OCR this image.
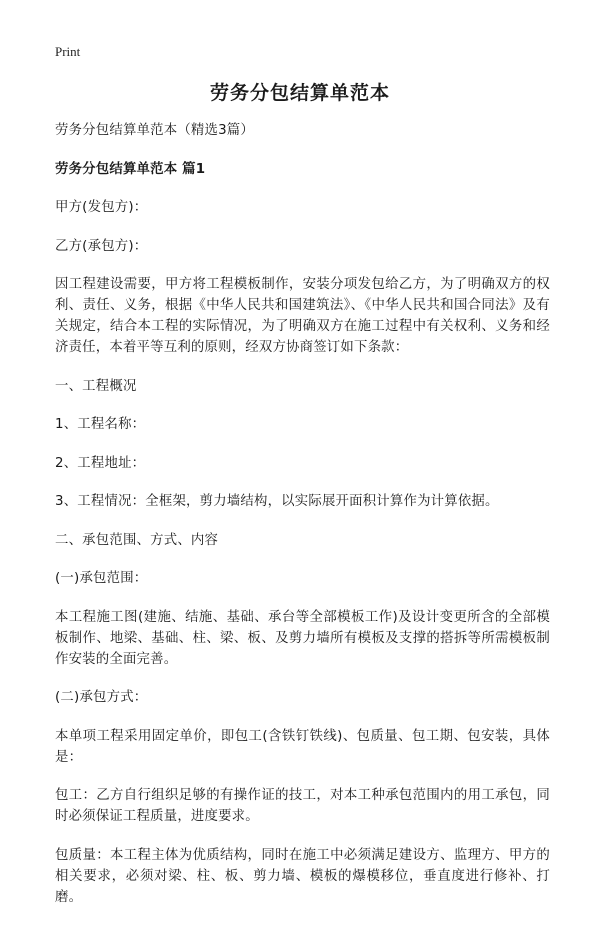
Print
劳务分包结算单范本

劳务分包结算单范本（精选3篇）

劳务分包结算单范本 篇1

甲方(发包方)：

乙方(承包方)：

因工程建设需要，甲方将工程模板制作，安装分项发包给乙方，为了明确双方的权利、责任、义务，根据《中华人民共和国建筑法》、《中华人民共和国合同法》及有关规定，结合本工程的实际情况，为了明确双方在施工过程中有关权利、义务和经济责任，本着平等互利的原则，经双方协商签订如下条款：

一、工程概况

1、工程名称：

2、工程地址：

3、工程情况：全框架，剪力墙结构，以实际展开面积计算作为计算依据。

二、承包范围、方式、内容

(一)承包范围：

本工程施工图(建施、结施、基础、承台等全部模板工作)及设计变更所含的全部模板制作、地梁、基础、柱、梁、板、及剪力墙所有模板及支撑的搭拆等所需模板制作安装的全面完善。

(二)承包方式：

本单项工程采用固定单价，即包工(含铁钉铁线)、包质量、包工期、包安装，具体是：

包工：乙方自行组织足够的有操作证的技工，对本工种承包范围内的用工承包，同时必须保证工程质量，进度要求。

包质量：本工程主体为优质结构，同时在施工中必须满足建设方、监理方、甲方的相关要求，必须对梁、柱、板、剪力墙、模板的爆模移位，垂直度进行修补、打磨。
